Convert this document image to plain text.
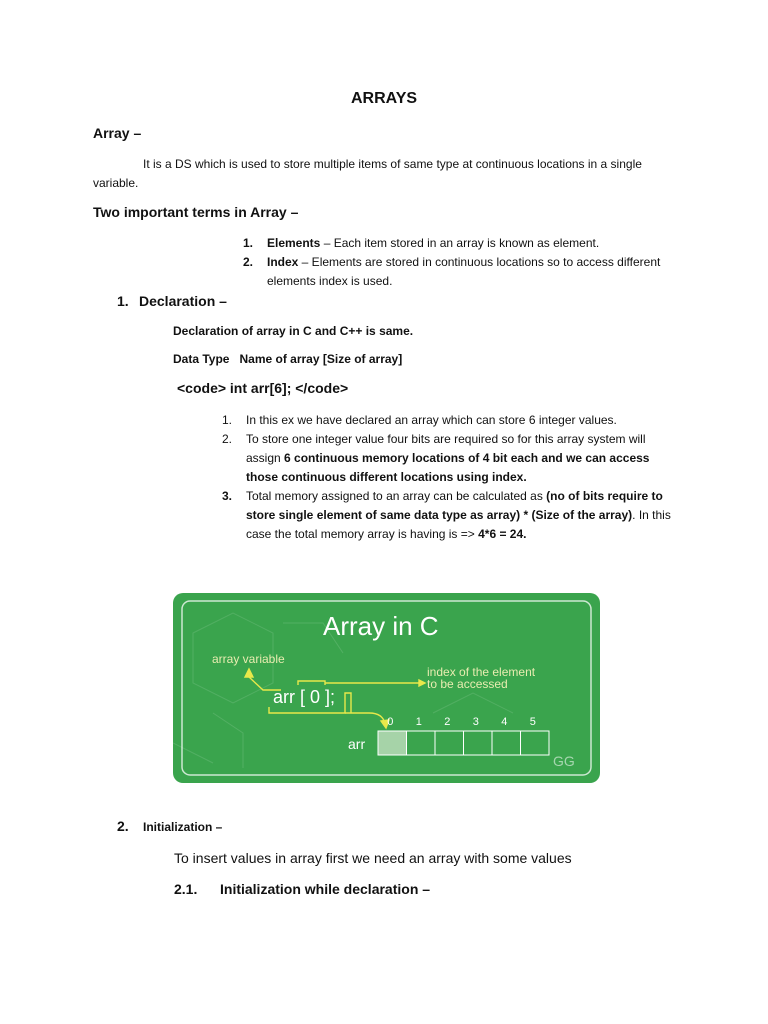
ARRAYS
Array –
It is a DS which is used to store multiple items of same type at continuous locations in a single variable.
Two important terms in Array –
1.	Elements – Each item stored in an array is known as element.
2.	Index – Elements are stored in continuous locations so to access different elements index is used.
1. Declaration –
Declaration of array in C and C++ is same.
Data Type Name of array [Size of array]
<code> int arr[6]; </code>
1.	In this ex we have declared an array which can store 6 integer values.
2.	To store one integer value four bits are required so for this array system will assign 6 continuous memory locations of 4 bit each and we can access those continuous different locations using index.
3.	Total memory assigned to an array can be calculated as (no of bits require to store single element of same data type as array) * (Size of the array). In this case the total memory array is having is => 4*6 = 24.
Array in C
array variable
index of the element
to be accessed
arr [ 0 ];
arr
0 1 2 3 4 5
GG
2. Initialization –
To insert values in array first we need an array with some values
2.1. Initialization while declaration –
